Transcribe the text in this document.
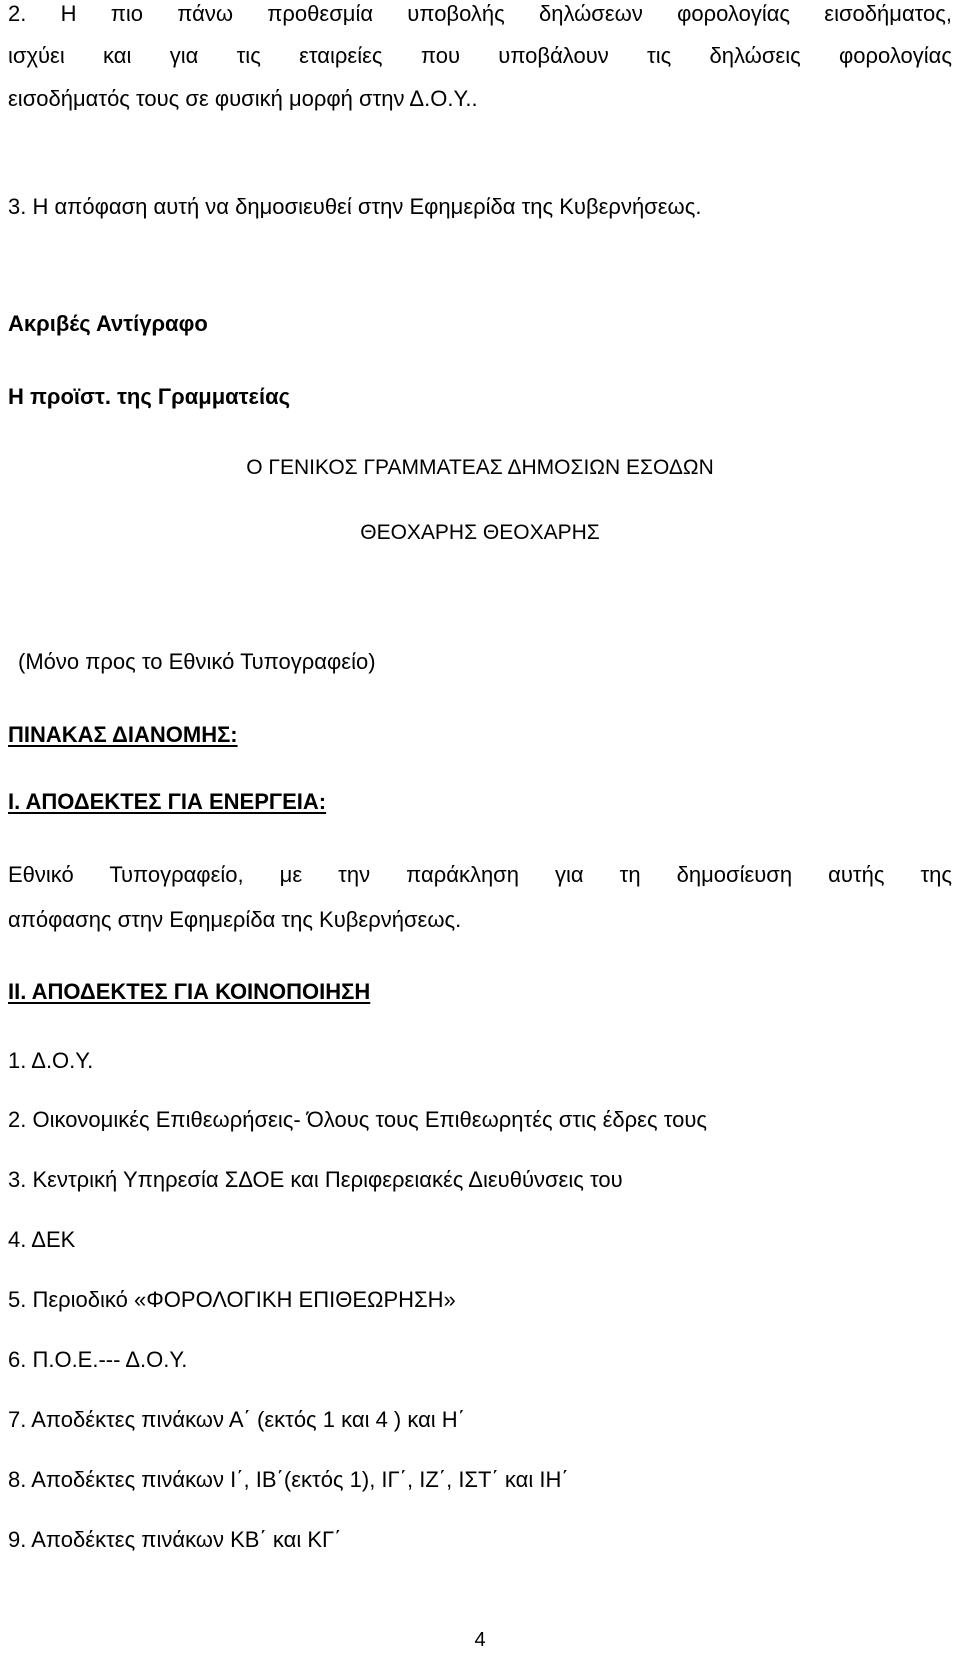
2. Η πιο πάνω προθεσμία υποβολής δηλώσεων φορολογίας εισοδήματος,
ισχύει και για τις εταιρείες που υποβάλουν τις δηλώσεις φορολογίας
εισοδήματός τους σε φυσική μορφή στην Δ.Ο.Υ..
3. Η απόφαση αυτή να δημοσιευθεί στην Εφημερίδα της Κυβερνήσεως.
Ακριβές Αντίγραφο
Η προϊστ. της Γραμματείας
Ο ΓΕΝΙΚΟΣ ΓΡΑΜΜΑΤΕΑΣ ΔΗΜΟΣΙΩΝ ΕΣΟΔΩΝ
ΘΕΟΧΑΡΗΣ ΘΕΟΧΑΡΗΣ
(Μόνο προς το Εθνικό Τυπογραφείο)
ΠΙΝΑΚΑΣ ΔΙΑΝΟΜΗΣ:
Ι. ΑΠΟΔΕΚΤΕΣ ΓΙΑ ΕΝΕΡΓΕΙΑ:
Εθνικό Τυπογραφείο, με την παράκληση για τη δημοσίευση αυτής της
απόφασης στην Εφημερίδα της Κυβερνήσεως.
ΙΙ. ΑΠΟΔΕΚΤΕΣ ΓΙΑ ΚΟΙΝΟΠΟΙΗΣΗ
1. Δ.Ο.Υ.
2. Οικονομικές Επιθεωρήσεις- Όλους τους Επιθεωρητές στις έδρες τους
3. Κεντρική Υπηρεσία ΣΔΟΕ και Περιφερειακές Διευθύνσεις του
4. ΔΕΚ
5. Περιοδικό «ΦΟΡΟΛΟΓΙΚΗ ΕΠΙΘΕΩΡΗΣΗ»
6. Π.Ο.Ε.--- Δ.Ο.Υ.
7. Αποδέκτες πινάκων Α΄ (εκτός 1 και 4 ) και Η΄
8. Αποδέκτες πινάκων Ι΄, ΙΒ΄(εκτός 1), ΙΓ΄, ΙΖ΄, ΙΣΤ΄ και ΙΗ΄
9. Αποδέκτες πινάκων ΚΒ΄ και ΚΓ΄
4
